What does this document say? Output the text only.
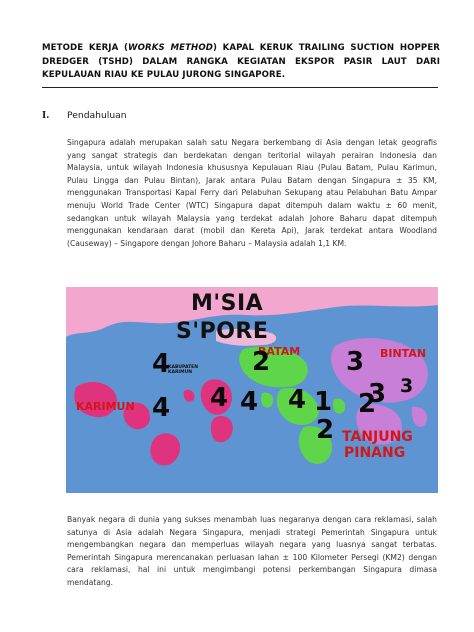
METODE KERJA (WORKS METHOD) KAPAL KERUK TRAILING SUCTION HOPPER DREDGER (TSHD) DALAM RANGKA KEGIATAN EKSPOR PASIR LAUT DARI KEPULAUAN RIAU KE PULAU JURONG SINGAPORE.
I. Pendahuluan

Singapura adalah merupakan salah satu Negara berkembang di Asia dengan letak geografis yang sangat strategis dan berdekatan dengan teritorial wilayah perairan Indonesia dan Malaysia, untuk wilayah Indonesia khususnya Kepulauan Riau (Pulau Batam, Pulau Karimun, Pulau Lingga dan Pulau Bintan), Jarak antara Pulau Batam dengan Singapura ± 35 KM, menggunakan Transportasi Kapal Ferry dari Pelabuhan Sekupang atau Pelabuhan Batu Ampar menuju World Trade Center (WTC) Singapura dapat ditempuh dalam waktu ± 60 menit, sedangkan untuk wilayah Malaysia yang terdekat adalah Johore Baharu dapat ditempuh menggunakan kendaraan darat (mobil dan Kereta Api), Jarak terdekat antara Woodland (Causeway) – Singapore dengan Johore Baharu – Malaysia adalah 1,1 KM.

M'SIA
S'PORE
BATAM	BINTAN
KARIMUN
TANJUNG
PINANG
KABUPATEN
KARIMUN
4
4 4 4
2
4
2
3
3 3
2
1

Banyak negara di dunia yang sukses menambah luas negaranya dengan cara reklamasi, salah satunya di Asia adalah Negara Singapura, menjadi strategi Pemerintah Singapura untuk mengembangkan negara dan memperluas wilayah negara yang luasnya sangat terbatas. Pemerintah Singapura merencanakan perluasan lahan ± 100 Kilometer Persegi (KM2) dengan cara reklamasi, hal ini untuk mengimbangi potensi perkembangan Singapura dimasa mendatang.
